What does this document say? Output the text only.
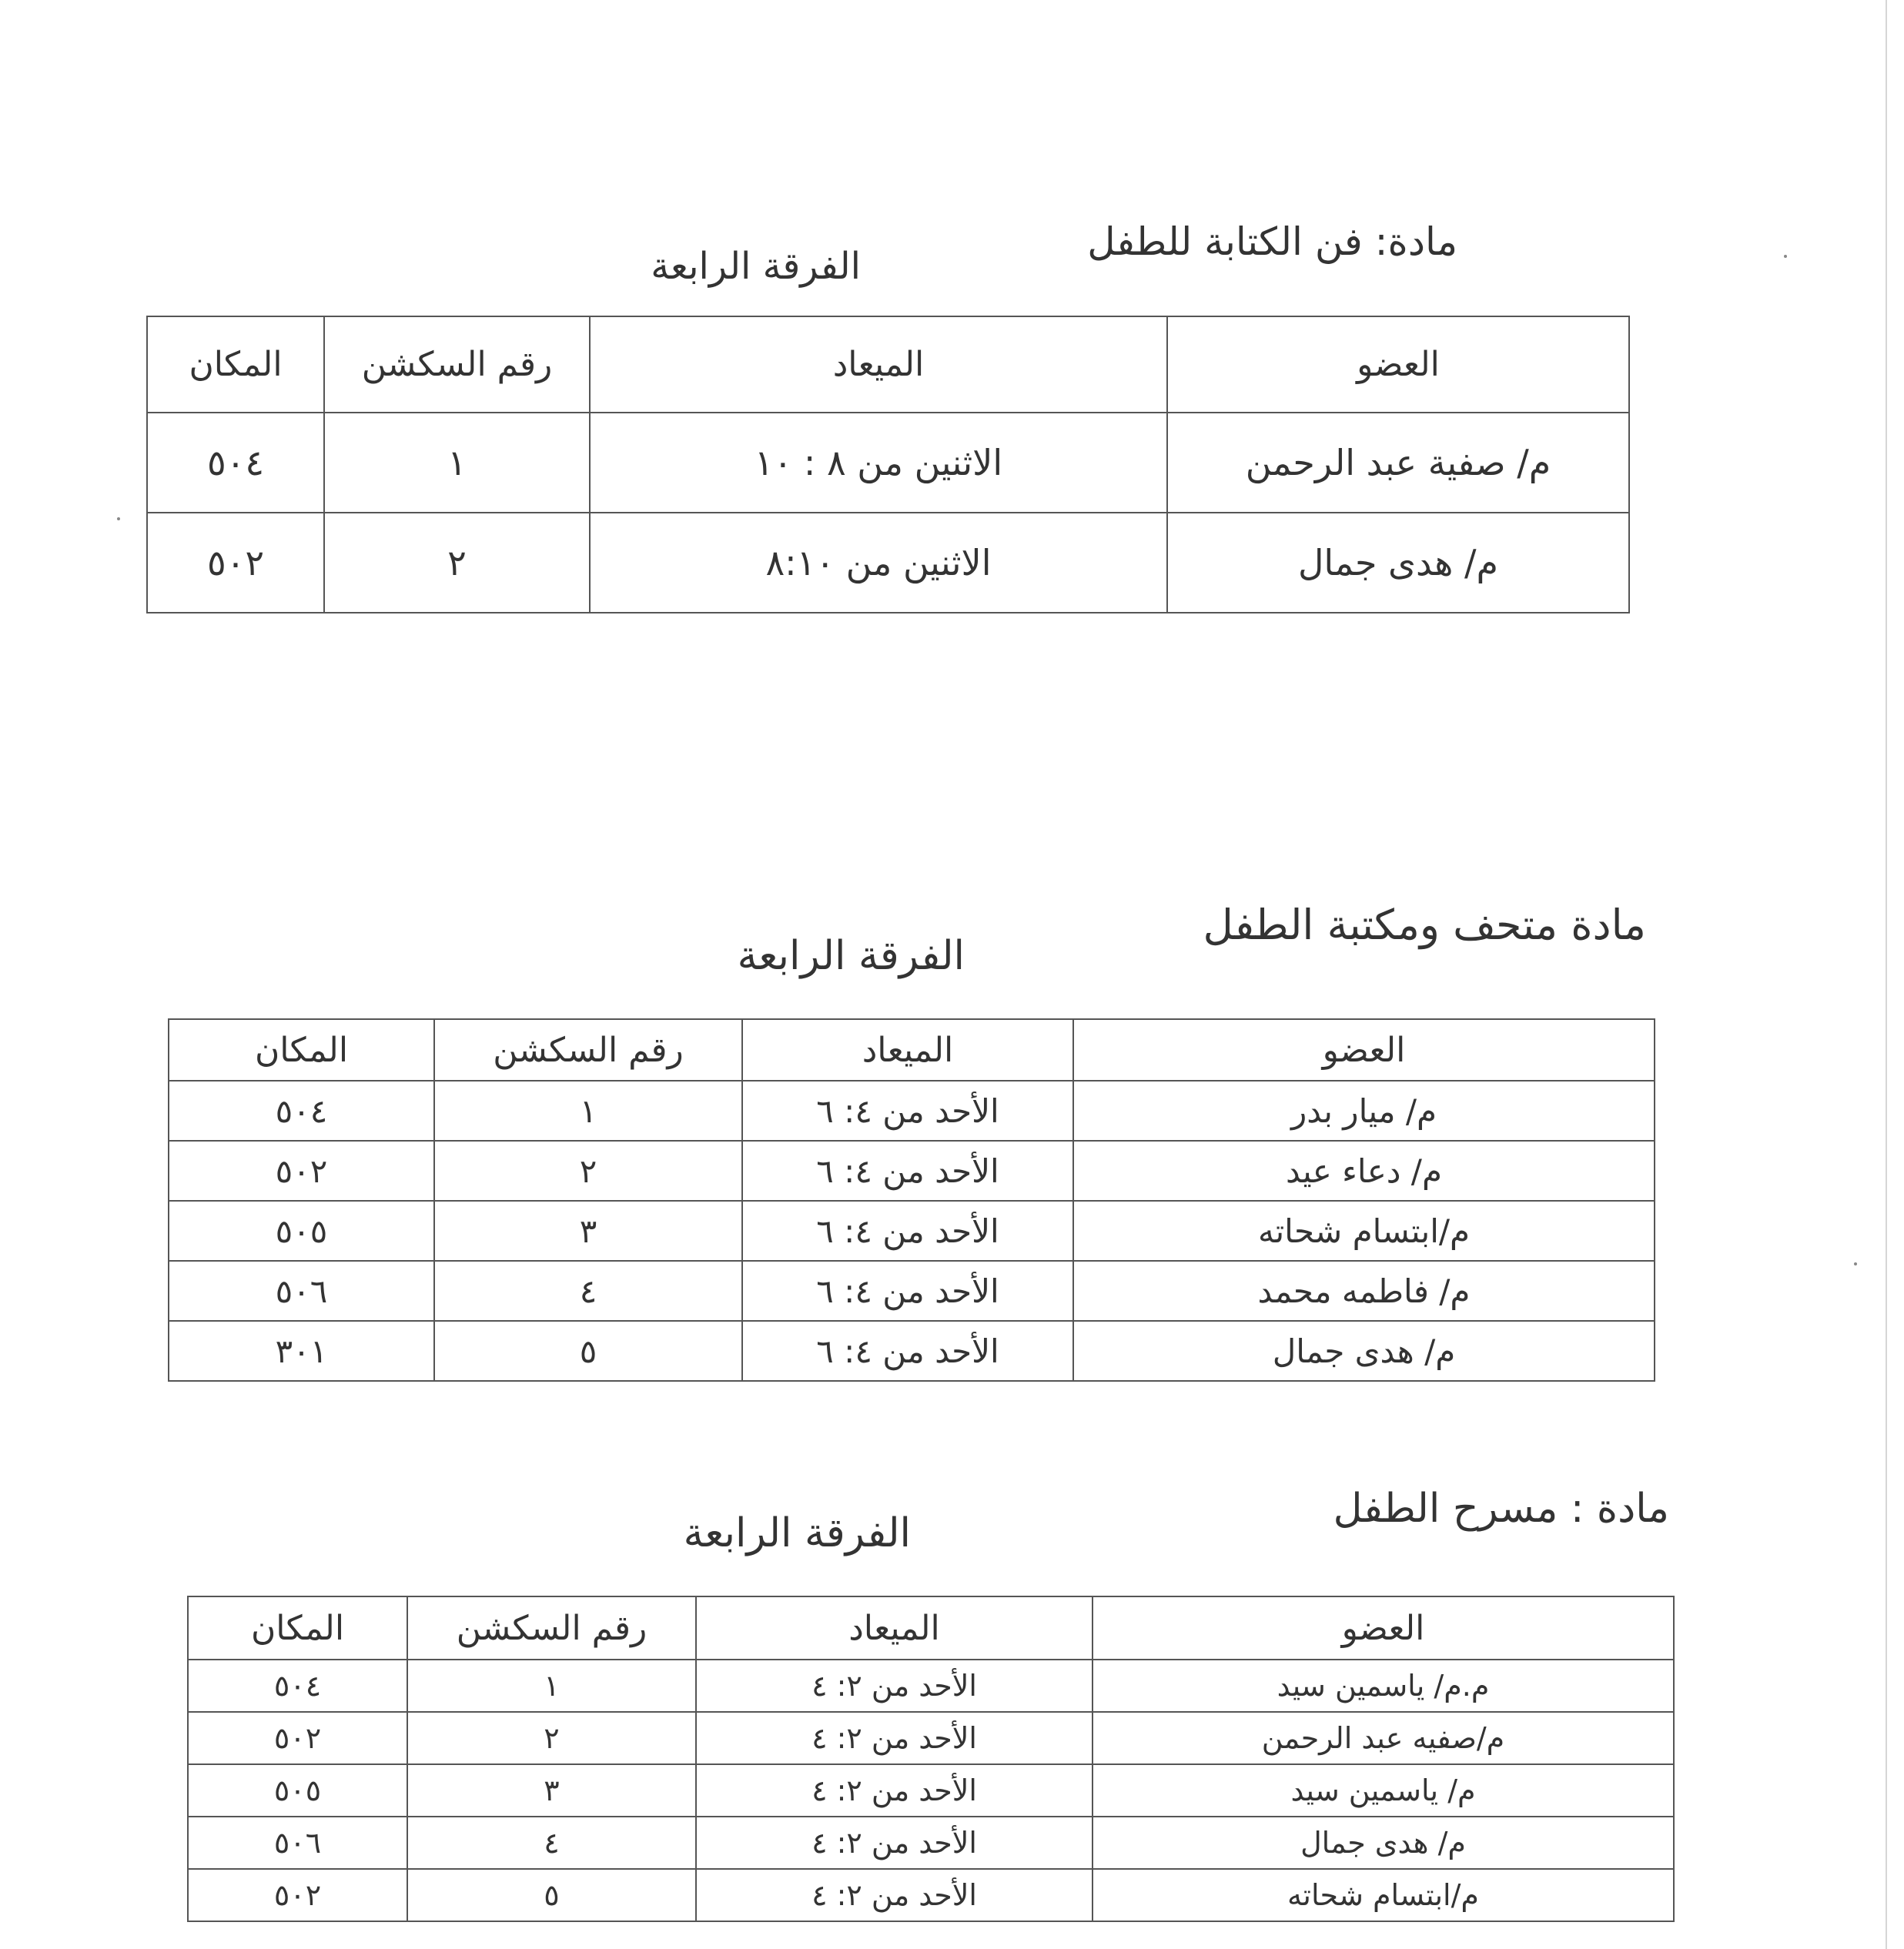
مادة: فن الكتابة للطفل
الفرقة الرابعة
العضو	الميعاد	رقم السكشن	المكان
م/ صفية عبد الرحمن	الاثنين من ٨ : ١٠	١	٥٠٤
م/ هدى جمال	الاثنين من ٨:١٠	٢	٥٠٢
مادة متحف ومكتبة الطفل
الفرقة الرابعة
العضو	الميعاد	رقم السكشن	المكان
م/ ميار بدر	الأحد من ٤: ٦	١	٥٠٤
م/ دعاء عيد	الأحد من ٤: ٦	٢	٥٠٢
م/ابتسام شحاته	الأحد من ٤: ٦	٣	٥٠٥
م/ فاطمه محمد	الأحد من ٤: ٦	٤	٥٠٦
م/ هدى جمال	الأحد من ٤: ٦	٥	٣٠١
مادة : مسرح الطفل
الفرقة الرابعة
العضو	الميعاد	رقم السكشن	المكان
م.م/ ياسمين سيد	الأحد من ٢: ٤	١	٥٠٤
م/صفيه عبد الرحمن	الأحد من ٢: ٤	٢	٥٠٢
م/ ياسمين سيد	الأحد من ٢: ٤	٣	٥٠٥
م/ هدى جمال	الأحد من ٢: ٤	٤	٥٠٦
م/ابتسام شحاته	الأحد من ٢: ٤	٥	٥٠٢
